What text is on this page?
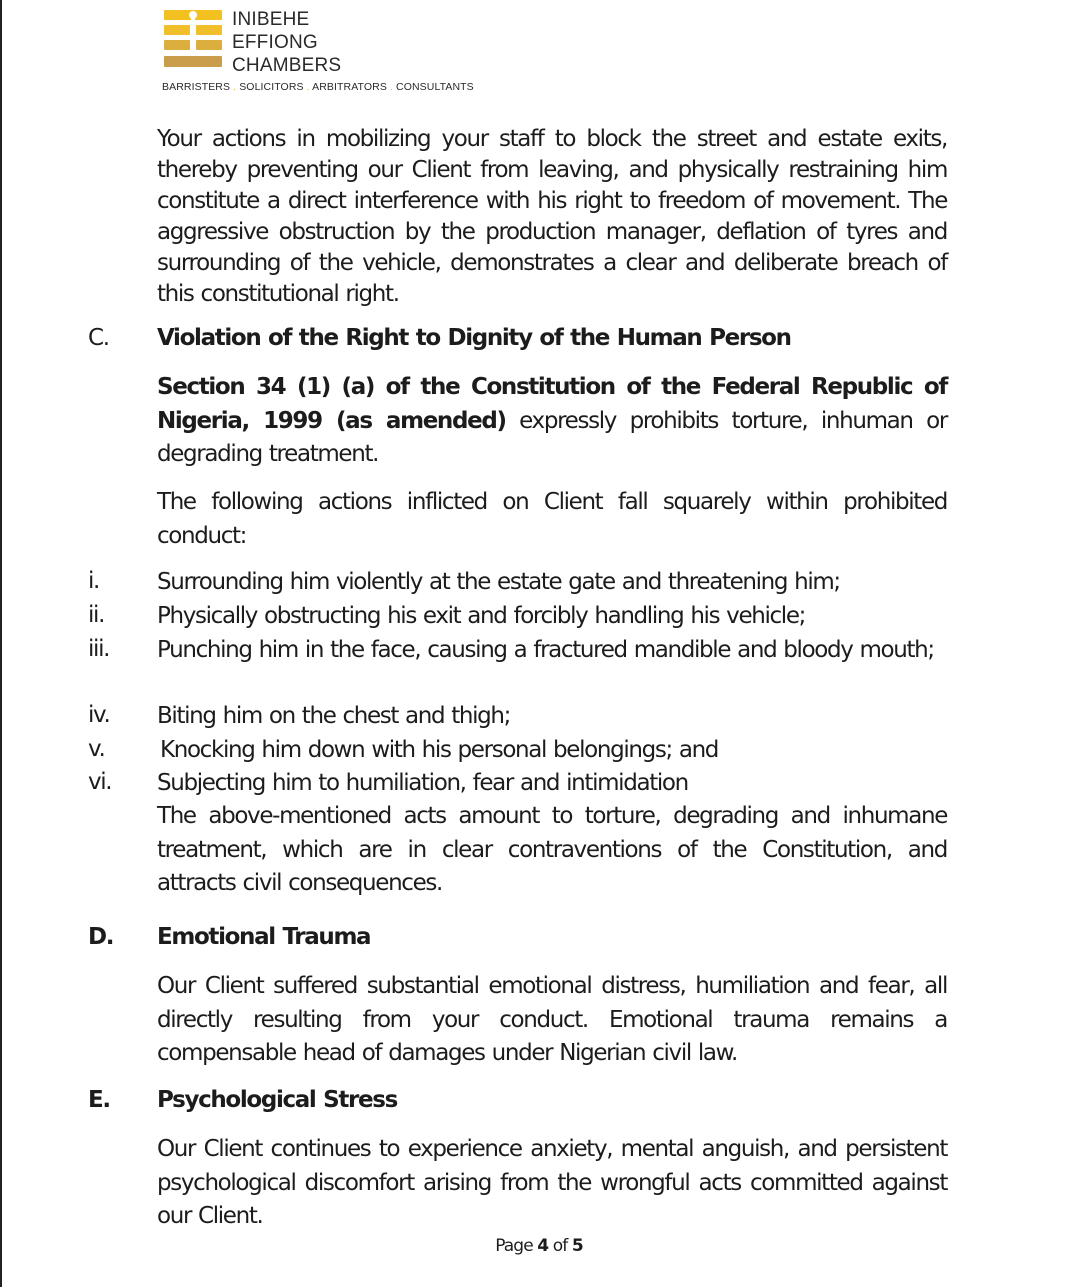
INIBEHE
EFFIONG
CHAMBERS
BARRISTERS . SOLICITORS . ARBITRATORS . CONSULTANTS
Your actions in mobilizing your staff to block the street and estate exits, thereby preventing our Client from leaving, and physically restraining him constitute a direct interference with his right to freedom of movement. The aggressive obstruction by the production manager, deflation of tyres and surrounding of the vehicle, demonstrates a clear and deliberate breach of this constitutional right.
C.	Violation of the Right to Dignity of the Human Person
Section 34 (1) (a) of the Constitution of the Federal Republic of Nigeria, 1999 (as amended) expressly prohibits torture, inhuman or degrading treatment.
The following actions inflicted on Client fall squarely within prohibited conduct:
i.	Surrounding him violently at the estate gate and threatening him;
ii.	Physically obstructing his exit and forcibly handling his vehicle;
iii.	Punching him in the face, causing a fractured mandible and bloody mouth;
iv.	Biting him on the chest and thigh;
v.	Knocking him down with his personal belongings; and
vi.	Subjecting him to humiliation, fear and intimidation
The above-mentioned acts amount to torture, degrading and inhumane treatment, which are in clear contraventions of the Constitution, and attracts civil consequences.
D.	Emotional Trauma
Our Client suffered substantial emotional distress, humiliation and fear, all directly resulting from your conduct. Emotional trauma remains a compensable head of damages under Nigerian civil law.
E.	Psychological Stress
Our Client continues to experience anxiety, mental anguish, and persistent psychological discomfort arising from the wrongful acts committed against our Client.
Page 4 of 5
